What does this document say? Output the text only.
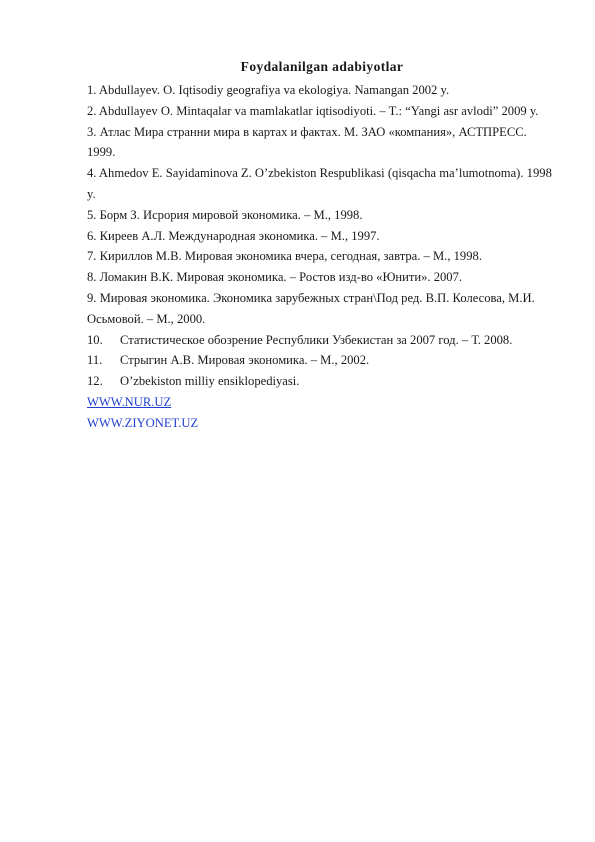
Foydalanilgan adabiyotlar

1. Abdullayev. O. Iqtisodiy geografiya va ekologiya. Namangan 2002 y.

2. Abdullayev O. Mintaqalar va mamlakatlar iqtisodiyoti. – T.: “Yangi asr avlodi” 2009 y.

3. Атлас Мира странни мира в картах и фактах. М. ЗАО «компания», АСТПРЕСС. 1999.

4. Ahmedov E. Sayidaminova Z. O’zbekiston Respublikasi (qisqacha ma’lumotnoma). 1998 y.

5. Борм З. Исрория мировой экономика. – М., 1998.

6. Киреев А.Л. Международная экономика. – М., 1997.

7. Кириллов М.В. Мировая экономика вчера, сегодная, завтра. – М., 1998.

8. Ломакин В.К. Мировая экономика. – Ростов изд-во «Юнити». 2007.

9. Мировая экономика. Экономика зарубежных стран\Под ред. В.П. Колесова, М.И. Осьмовой. – М., 2000.

10. Статистическое обозрение Республики Узбекистан за 2007 год. – Т. 2008.

11. Стрыгин А.В. Мировая экономика. – М., 2002.

12. O’zbekiston milliy ensiklopediyasi.

WWW.NUR.UZ
WWW.ZIYONET.UZ
